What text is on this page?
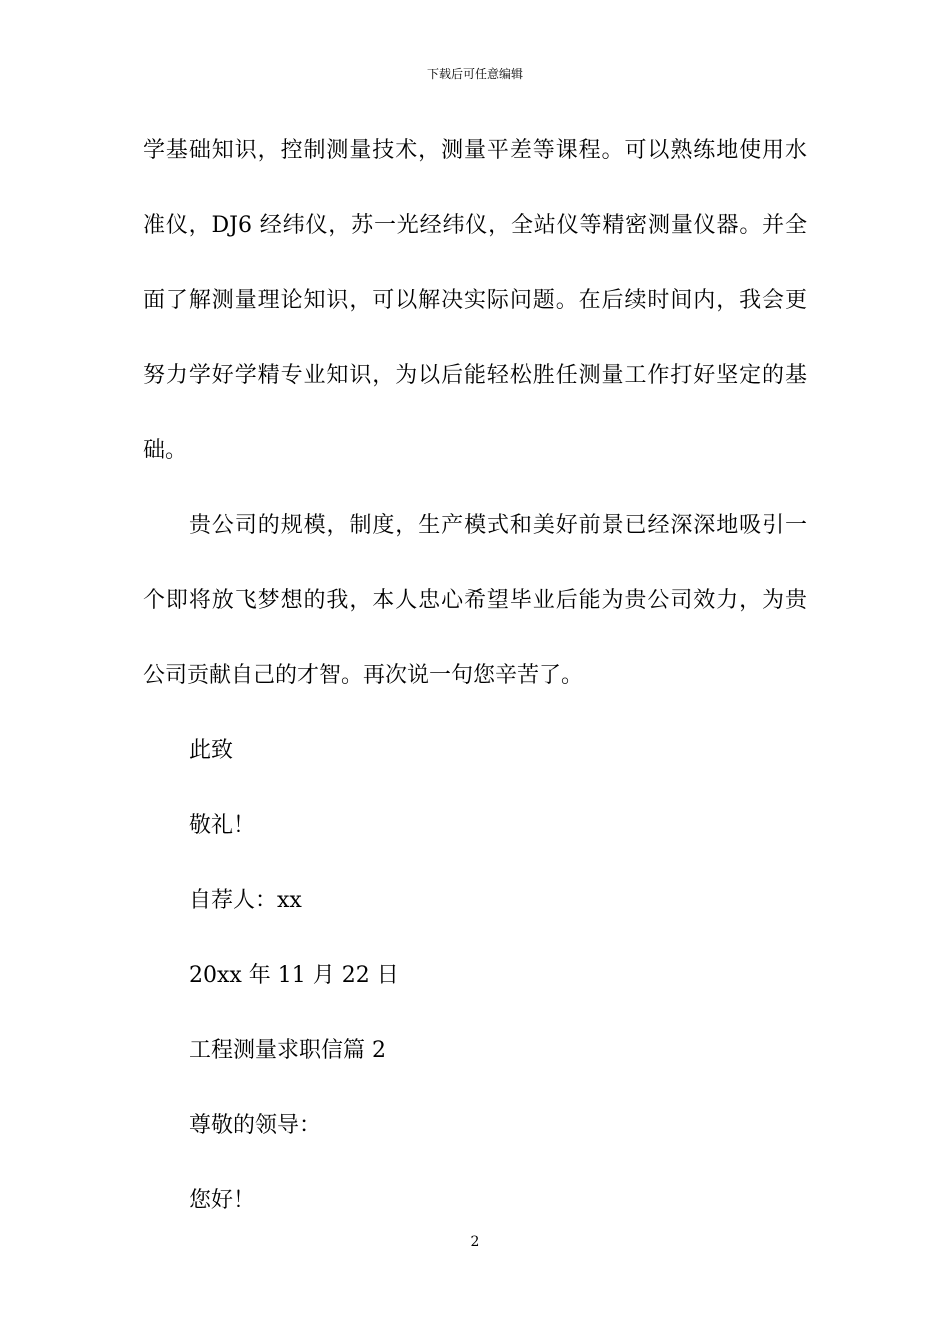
下载后可任意编辑
学基础知识，控制测量技术，测量平差等课程。可以熟练地使用水
准仪，DJ6 经纬仪，苏一光经纬仪，全站仪等精密测量仪器。并全
面了解测量理论知识，可以解决实际问题。在后续时间内，我会更
努力学好学精专业知识，为以后能轻松胜任测量工作打好坚定的基
础。
贵公司的规模，制度，生产模式和美好前景已经深深地吸引一
个即将放飞梦想的我，本人忠心希望毕业后能为贵公司效力，为贵
公司贡献自己的才智。再次说一句您辛苦了。
此致
敬礼！
自荐人：xx
20xx 年 11 月 22 日
工程测量求职信篇 2
尊敬的领导：
您好！
2
